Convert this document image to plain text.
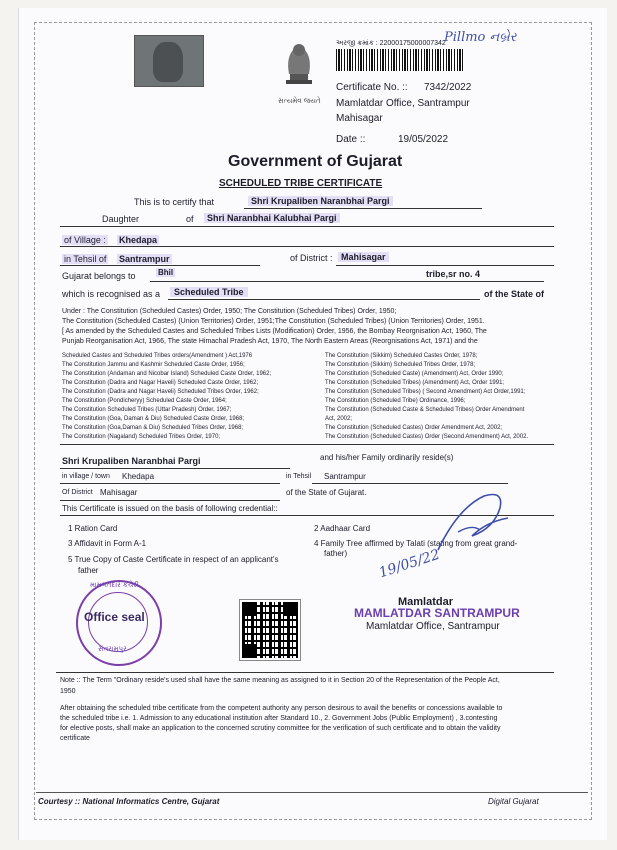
સત્યમેવ જયતે
અરજી ક્રમાંક : 22000175000007342
Pillmo નબ્રેર
Certificate No. :: 7342/2022
Mamlatdar Office, Santrampur
Mahisagar
Date ::	19/05/2022
Government of Gujarat
SCHEDULED TRIBE CERTIFICATE
This is to certify that	Shri Krupaliben Naranbhai Pargi
Daughter	of	Shri Naranbhai Kalubhai Pargi
of Village : Khedapa
in Tehsil of Santrampur	of District : Mahisagar
Gujarat belongs to	Bhil	tribe,sr no. 4
which is recognised as a	Scheduled Tribe	of the State of
Under : The Constitution (Scheduled Castes) Order, 1950; The Constitution (Scheduled Tribes) Order, 1950;
The Constitution (Scheduled Castes) (Union Territories) Order, 1951;The Constitution (Scheduled Tribes) (Union Territories) Order, 1951.
[ As amended by the Scheduled Castes and Scheduled Tribes Lists (Modification) Order, 1956, the Bombay Reorgnisation Act, 1960, The
Punjab Reorganisation Act, 1966, The state Himachal Pradesh Act, 1970, The North Eastern Areas (Reorgnisations Act, 1971) and the
Scheduled Castes and Scheduled Tribes orders(Amendment ) Act,1976
The Constitution Jammu and Kashmir Scheduled Caste Order, 1956;
The Constitution (Andaman and Nicobar Island) Scheduled Caste Order, 1962;
The Constitution (Dadra and Nagar Haveli) Scheduled Caste Order, 1962;
The Constitution (Dadra and Nagar Haveli) Scheduled Tribes Order, 1962;
The Constitution (Pondicheryy) Scheduled Caste Order, 1964;
The Constitution Scheduled Tribes (Uttar Pradesh) Order, 1967;
The Constitution (Goa, Daman & Diu) Scheduled Caste Order, 1968;
The Constitution (Goa,Daman & Diu) Scheduled Tribes Order, 1968;
The Constitution (Nagaland) Scheduled Tribes Order, 1970;
The Constitution (Sikkim) Scheduled Castes Order, 1978;
The Constitution (Sikkim) Scheduled Tribes Order, 1978;
The Constitution (Scheduled Caste) (Amendment) Act, Order 1990;
The Constitution (Scheduled Tribes) (Amendment) Act, Order 1991;
The Constitution (Scheduled Tribes) ( Second Amendment) Act Order,1991;
The Constitution (Scheduled Tribe) Ordinance, 1996;
The Constitution (Scheduled Caste & Scheduled Tribes) Order Amendment
Act, 2002;
The Constitution (Scheduled Castes) Order Amendment Act, 2002;
The Constitution (Scheduled Castes) Order (Second Amendment) Act, 2002.
Shri Krupaliben Naranbhai Pargi	and his/her Family ordinarily reside(s)
in village / town Khedapa	in Tehsil Santrampur
Of District Mahisagar	of the State of Gujarat.
This Certificate is issued on the basis of following credential::
1 Ration Card	2 Aadhaar Card
3 Affidavit in Form A-1	4 Family Tree affirmed by Talati (stating from great grand-
father)
5 True Copy of Caste Certificate in respect of an applicant's
father	19/05/22
મામલતદાર કચેરી
Office seal
સંતરામપુર
Mamlatdar
MAMLATDAR SANTRAMPUR
Mamlatdar Office, Santrampur
Note :: The Term "Ordinary reside's used shall have the same meaning as assigned to it in Section 20 of the Representation of the People Act,
1950
After obtaining the scheduled tribe certificate from the competent authority any person desirous to avail the benefits or concessions available to
the scheduled tribe i.e. 1. Admission to any educational institution after Standard 10., 2. Government Jobs (Public Employment) , 3.contesting
for elective posts, shall make an application to the concerned scrutiny committee for the verification of such certificate and to obtain the validity
certificate
Courtesy :: National Informatics Centre, Gujarat	Digital Gujarat
